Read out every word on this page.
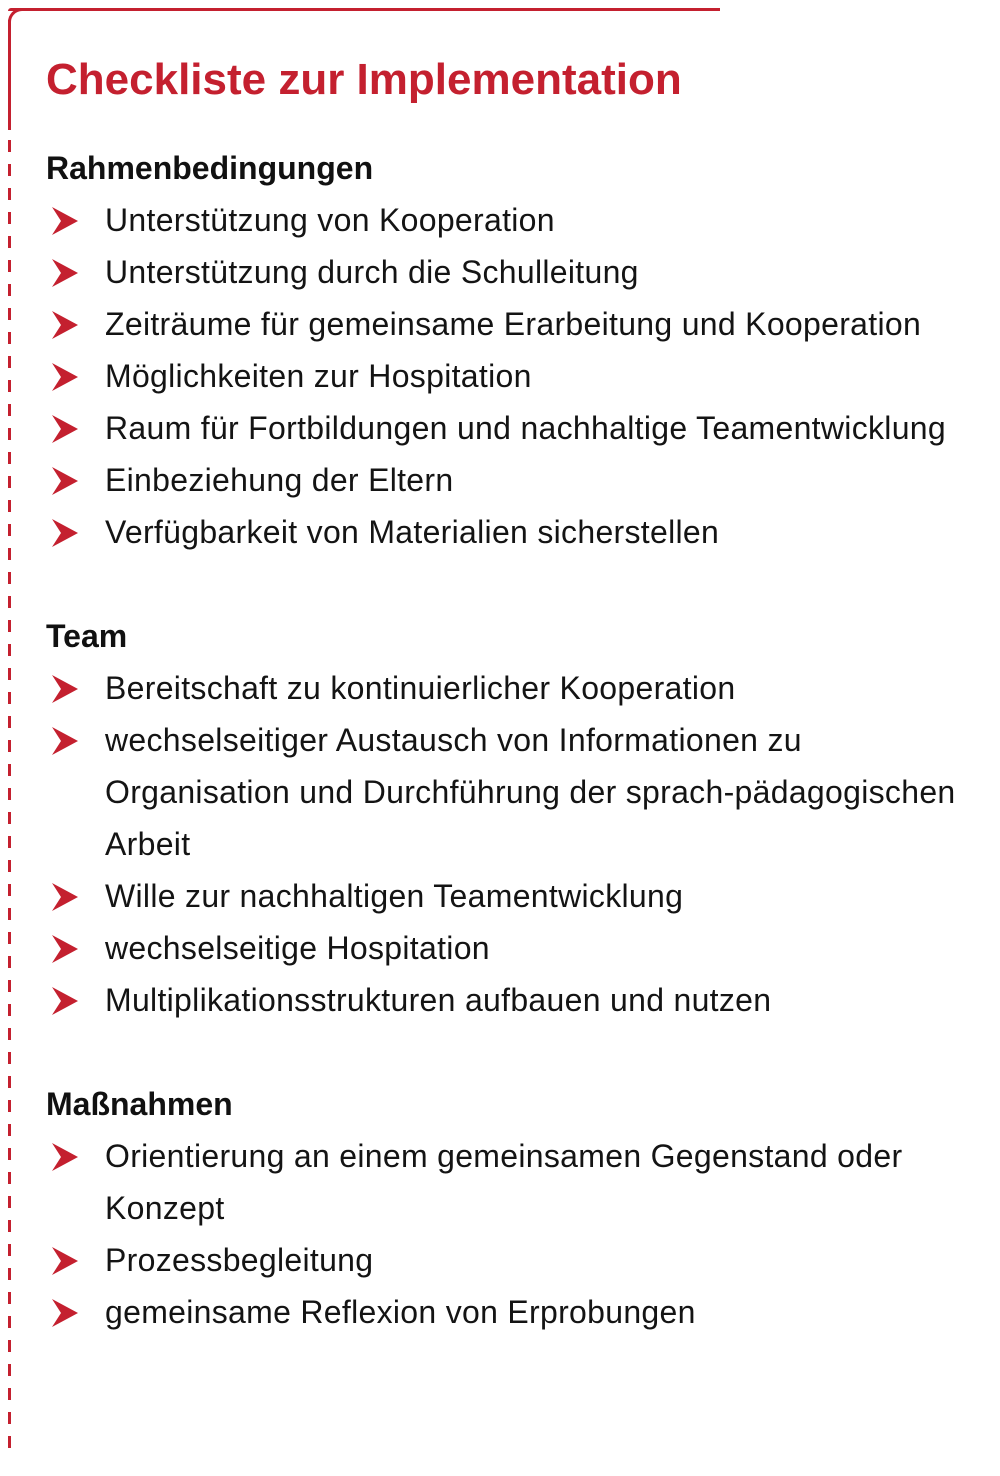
Checkliste zur Implementation
Rahmenbedingungen
Unterstützung von Kooperation
Unterstützung durch die Schulleitung
Zeiträume für gemeinsame Erarbeitung und Kooperation
Möglichkeiten zur Hospitation
Raum für Fortbildungen und nachhaltige Teamentwicklung
Einbeziehung der Eltern
Verfügbarkeit von Materialien sicherstellen
Team
Bereitschaft zu kontinuierlicher Kooperation
wechselseitiger Austausch von Informationen zu Organisation und Durchführung der sprach-pädagogischen Arbeit
Wille zur nachhaltigen Teamentwicklung
wechselseitige Hospitation
Multiplikationsstrukturen aufbauen und nutzen
Maßnahmen
Orientierung an einem gemeinsamen Gegenstand oder Konzept
Prozessbegleitung
gemeinsame Reflexion von Erprobungen
